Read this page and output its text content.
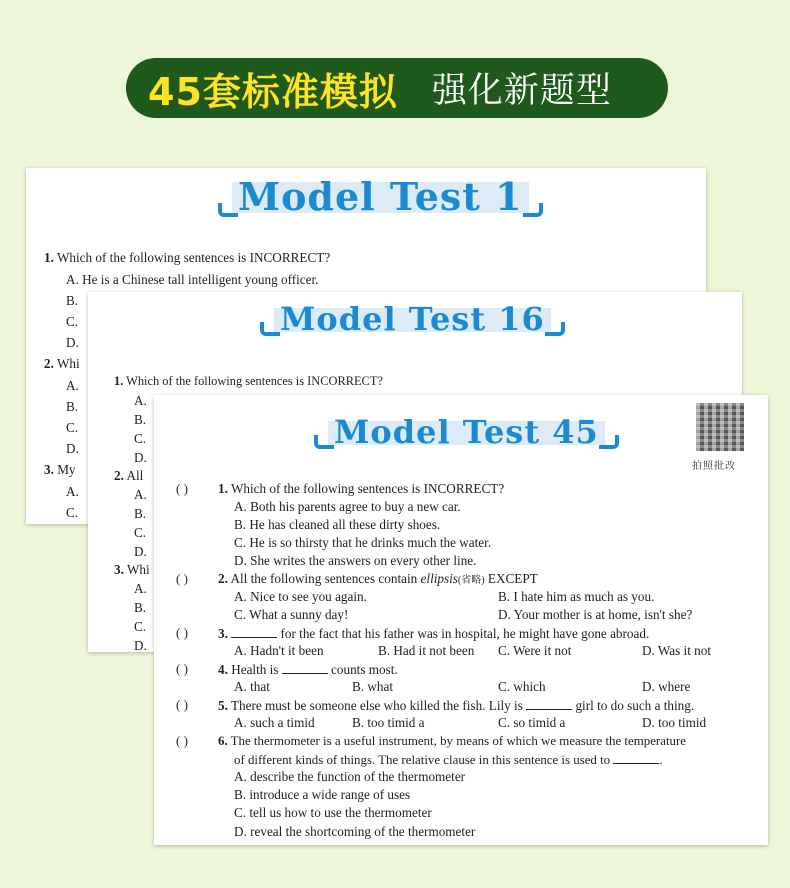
45套标准模拟 强化新题型
Model Test 1
1. Which of the following sentences is INCORRECT?
A. He is a Chinese tall intelligent young officer.
B.
C.
D.
2. Whi
A.
B.
C.
D.
3. My
A.
C.
Model Test 16
1. Which of the following sentences is INCORRECT?
A.
B.
C.
D.
2. All
A.
B.
C.
D.
3. Whi
A.
B.
C.
D.
Model Test 45
拍照批改
( ) 1. Which of the following sentences is INCORRECT?
A. Both his parents agree to buy a new car.
B. He has cleaned all these dirty shoes.
C. He is so thirsty that he drinks much the water.
D. She writes the answers on every other line.
( ) 2. All the following sentences contain ellipsis(省略) EXCEPT
A. Nice to see you again.	B. I hate him as much as you.
C. What a sunny day!	D. Your mother is at home, isn't she?
( ) 3.	for the fact that his father was in hospital, he might have gone abroad.
A. Hadn't it been	B. Had it not been C. Were it not	D. Was it not
( ) 4. Health is	counts most.
A. that	B. what	C. which	D. where
( ) 5. There must be someone else who killed the fish. Lily is	girl to do such a thing.
A. such a timid	B. too timid a	C. so timid a	D. too timid
( ) 6. The thermometer is a useful instrument, by means of which we measure the temperature
of different kinds of things. The relative clause in this sentence is used to	.
A. describe the function of the thermometer
B. introduce a wide range of uses
C. tell us how to use the thermometer
D. reveal the shortcoming of the thermometer
